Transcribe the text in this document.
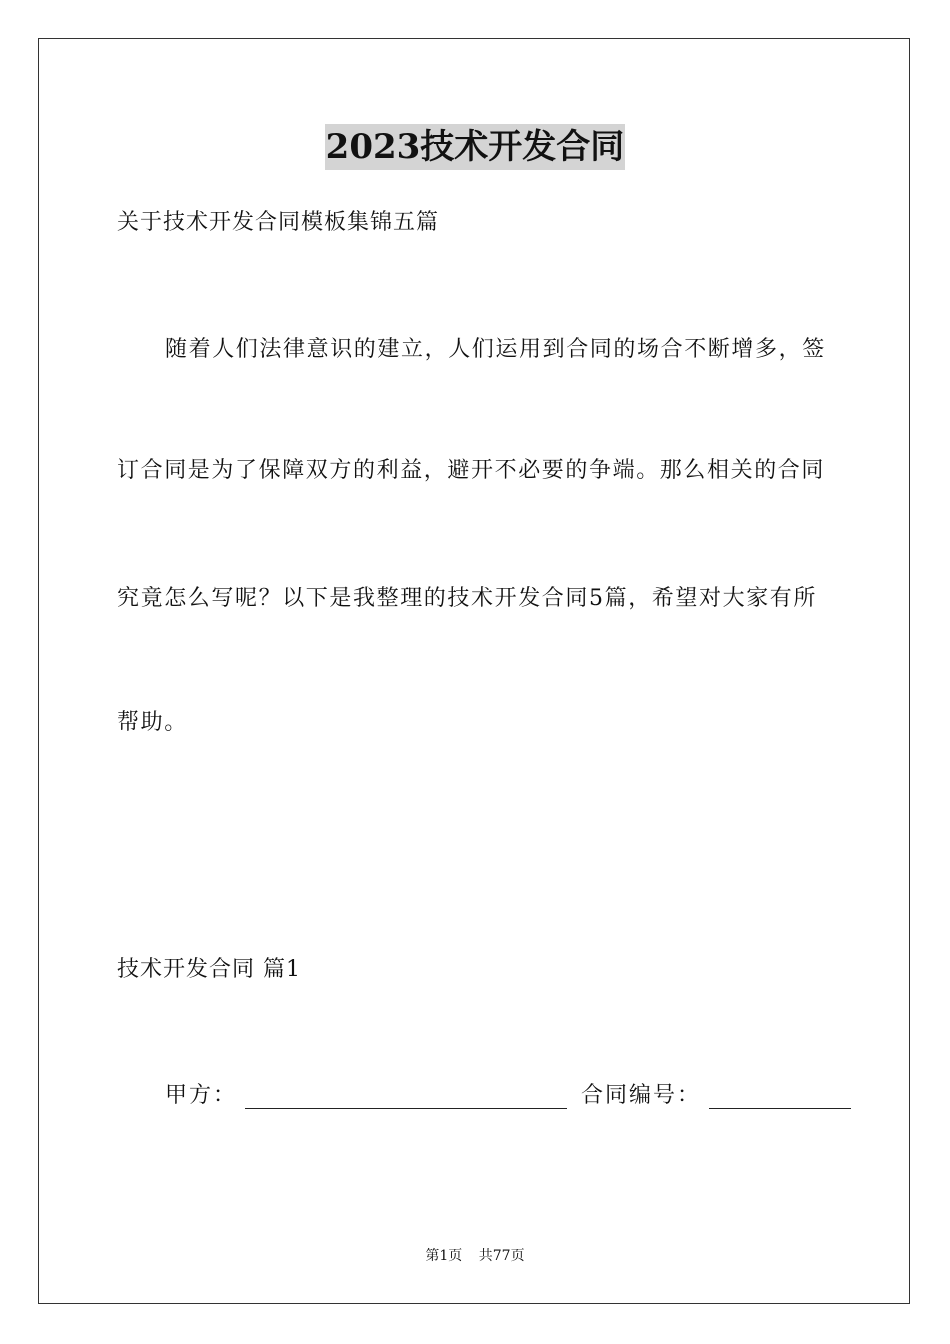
2023技术开发合同
关于技术开发合同模板集锦五篇
随着人们法律意识的建立，人们运用到合同的场合不断增多，签
订合同是为了保障双方的利益，避开不必要的争端。那么相关的合同
究竟怎么写呢？以下是我整理的技术开发合同5篇，希望对大家有所
帮助。
技术开发合同 篇1
甲方：	合同编号：
第1页 共77页
